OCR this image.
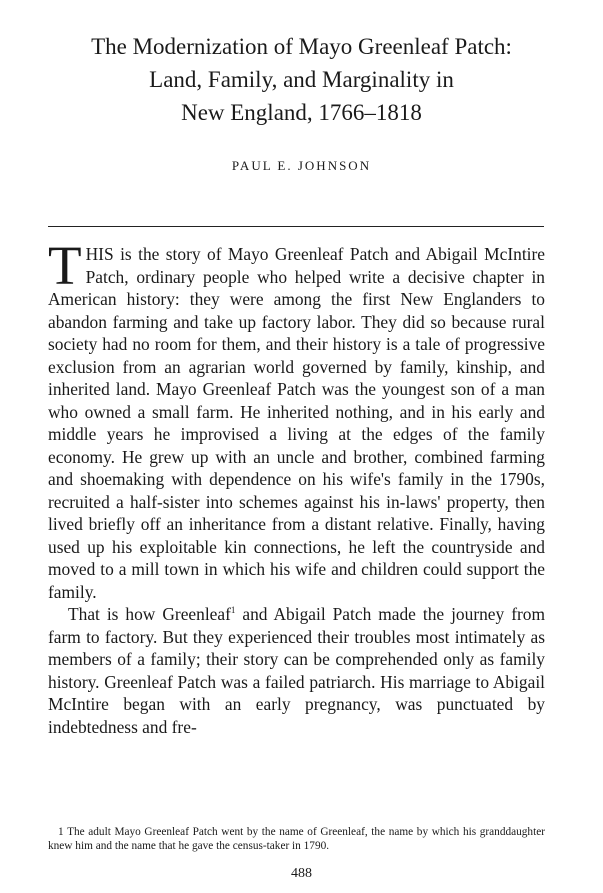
The Modernization of Mayo Greenleaf Patch:
Land, Family, and Marginality in
New England, 1766–1818
PAUL E. JOHNSON

THIS is the story of Mayo Greenleaf Patch and Abigail McIntire Patch, ordinary people who helped write a decisive chapter in American history: they were among the first New Englanders to abandon farming and take up factory labor. They did so because rural society had no room for them, and their history is a tale of progressive exclusion from an agrarian world governed by family, kinship, and inherited land. Mayo Greenleaf Patch was the youngest son of a man who owned a small farm. He inherited nothing, and in his early and middle years he improvised a living at the edges of the family economy. He grew up with an uncle and brother, combined farming and shoemaking with dependence on his wife's family in the 1790s, recruited a half-sister into schemes against his in-laws' property, then lived briefly off an inheritance from a distant relative. Finally, having used up his exploitable kin connections, he left the countryside and moved to a mill town in which his wife and children could support the family.

That is how Greenleaf$^1$ and Abigail Patch made the journey from farm to factory. But they experienced their troubles most intimately as members of a family; their story can be comprehended only as family history. Greenleaf Patch was a failed patriarch. His marriage to Abigail McIntire began with an early pregnancy, was punctuated by indebtedness and fre-

1 The adult Mayo Greenleaf Patch went by the name of Greenleaf, the name by which his granddaughter knew him and the name that he gave the census-taker in 1790.
488
